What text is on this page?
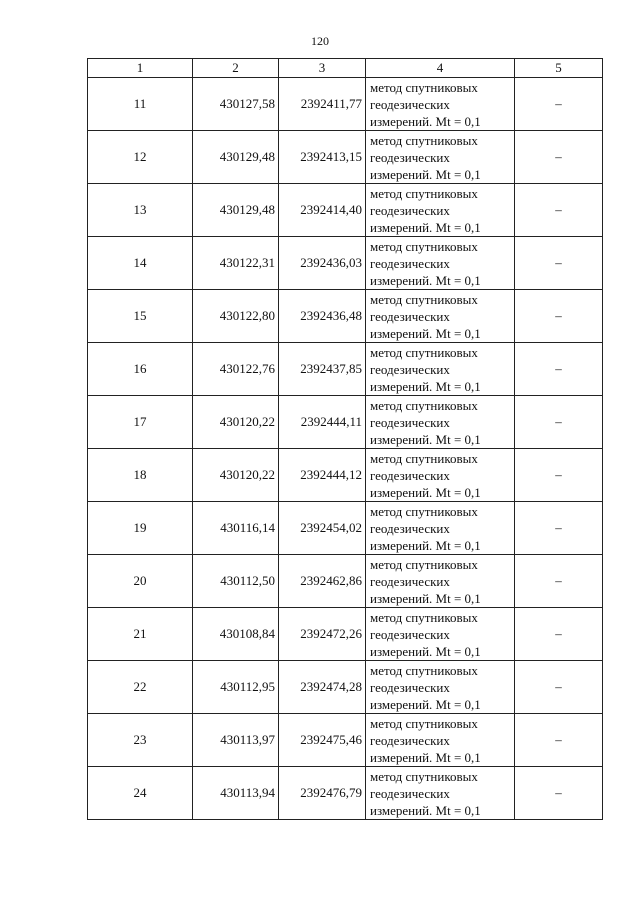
120
1	2	3	4	5
11	430127,58	2392411,77	метод спутниковых
геодезических
измерений. Mt = 0,1	–
12	430129,48	2392413,15	метод спутниковых
геодезических
измерений. Mt = 0,1	–
13	430129,48	2392414,40	метод спутниковых
геодезических
измерений. Mt = 0,1	–
14	430122,31	2392436,03	метод спутниковых
геодезических
измерений. Mt = 0,1	–
15	430122,80	2392436,48	метод спутниковых
геодезических
измерений. Mt = 0,1	–
16	430122,76	2392437,85	метод спутниковых
геодезических
измерений. Mt = 0,1	–
17	430120,22	2392444,11	метод спутниковых
геодезических
измерений. Mt = 0,1	–
18	430120,22	2392444,12	метод спутниковых
геодезических
измерений. Mt = 0,1	–
19	430116,14	2392454,02	метод спутниковых
геодезических
измерений. Mt = 0,1	–
20	430112,50	2392462,86	метод спутниковых
геодезических
измерений. Mt = 0,1	–
21	430108,84	2392472,26	метод спутниковых
геодезических
измерений. Mt = 0,1	–
22	430112,95	2392474,28	метод спутниковых
геодезических
измерений. Mt = 0,1	–
23	430113,97	2392475,46	метод спутниковых
геодезических
измерений. Mt = 0,1	–
24	430113,94	2392476,79	метод спутниковых
геодезических
измерений. Mt = 0,1	–
